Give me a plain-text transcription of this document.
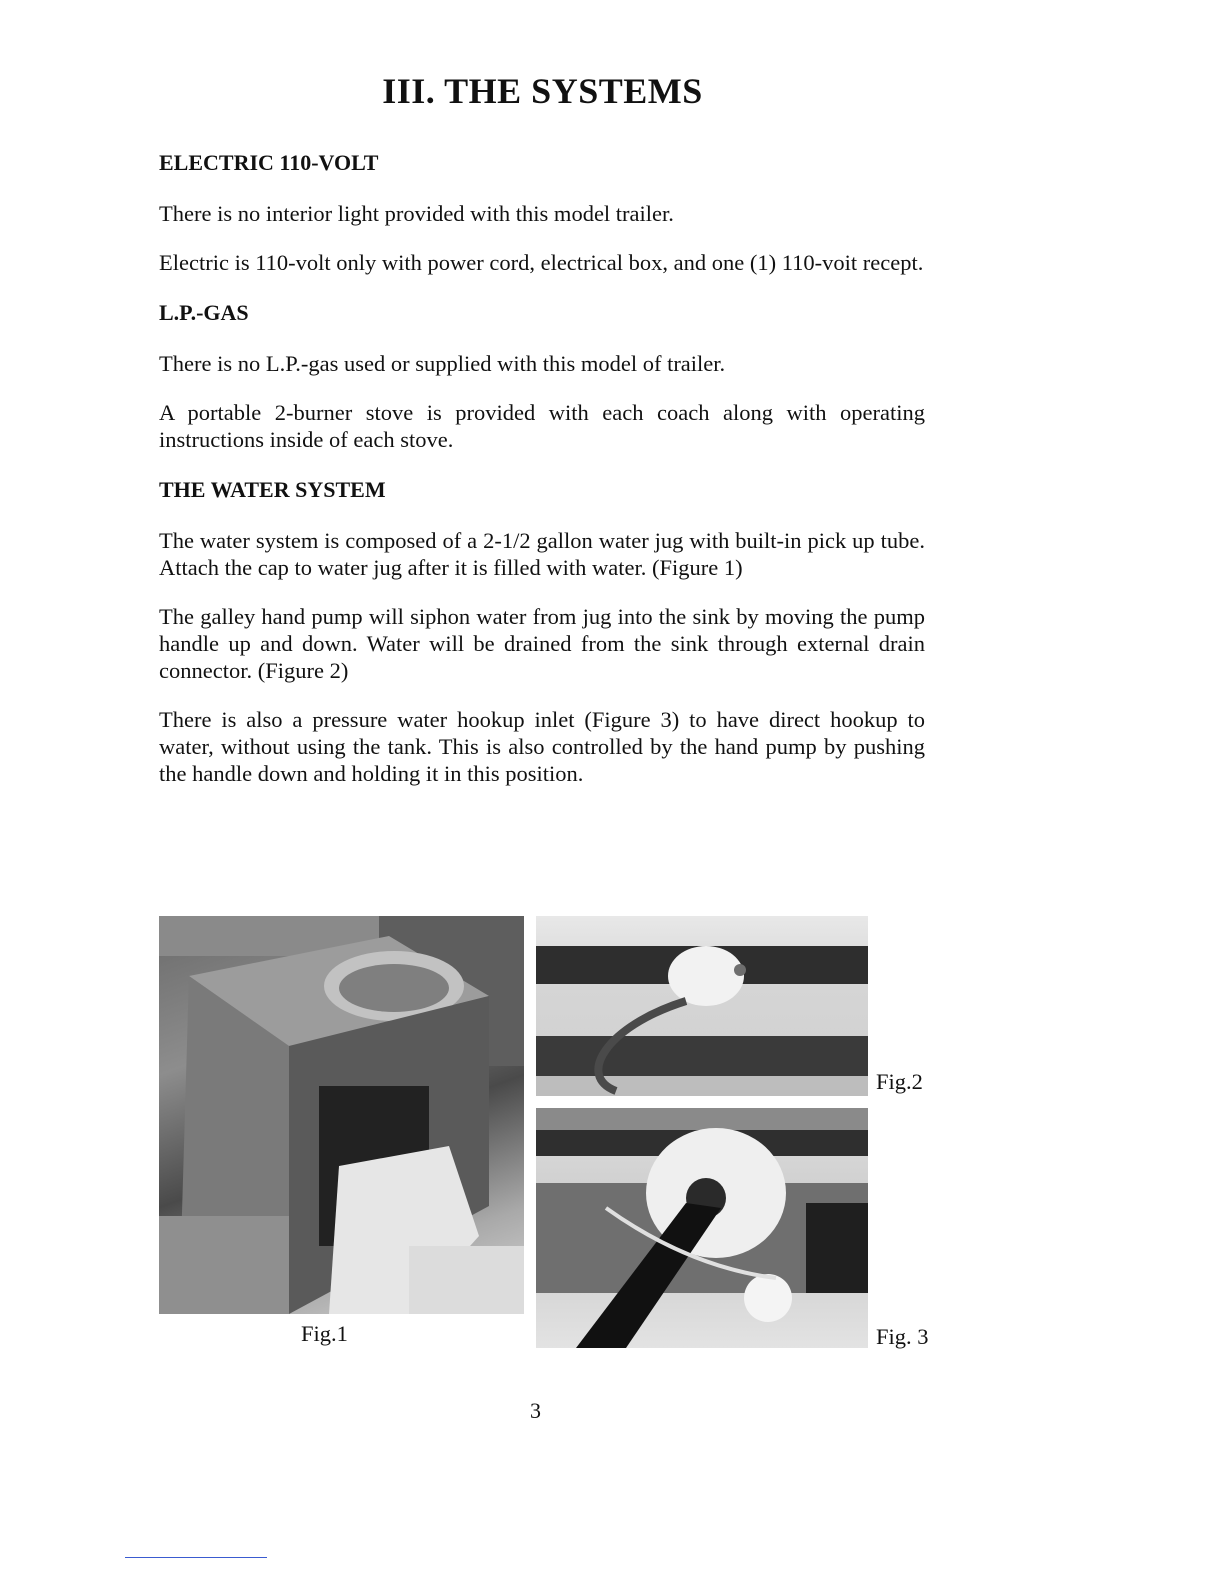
III. THE SYSTEMS
ELECTRIC 110-VOLT

There is no interior light provided with this model trailer.

Electric is 110-volt only with power cord, electrical box, and one (1) 110-voit recept.

L.P.-GAS

There is no L.P.-gas used or supplied with this model of trailer.

A portable 2-burner stove is provided with each coach along with operating instructions inside of each stove.

THE WATER SYSTEM

The water system is composed of a 2-1/2 gallon water jug with built-in pick up tube. Attach the cap to water jug after it is filled with water. (Figure 1)

The galley hand pump will siphon water from jug into the sink by moving the pump handle up and down. Water will be drained from the sink through external drain connector. (Figure 2)

There is also a pressure water hookup inlet (Figure 3) to have direct hookup to water, without using the tank. This is also controlled by the hand pump by pushing the handle down and holding it in this position.

Fig.1

Fig.2

Fig. 3

3
